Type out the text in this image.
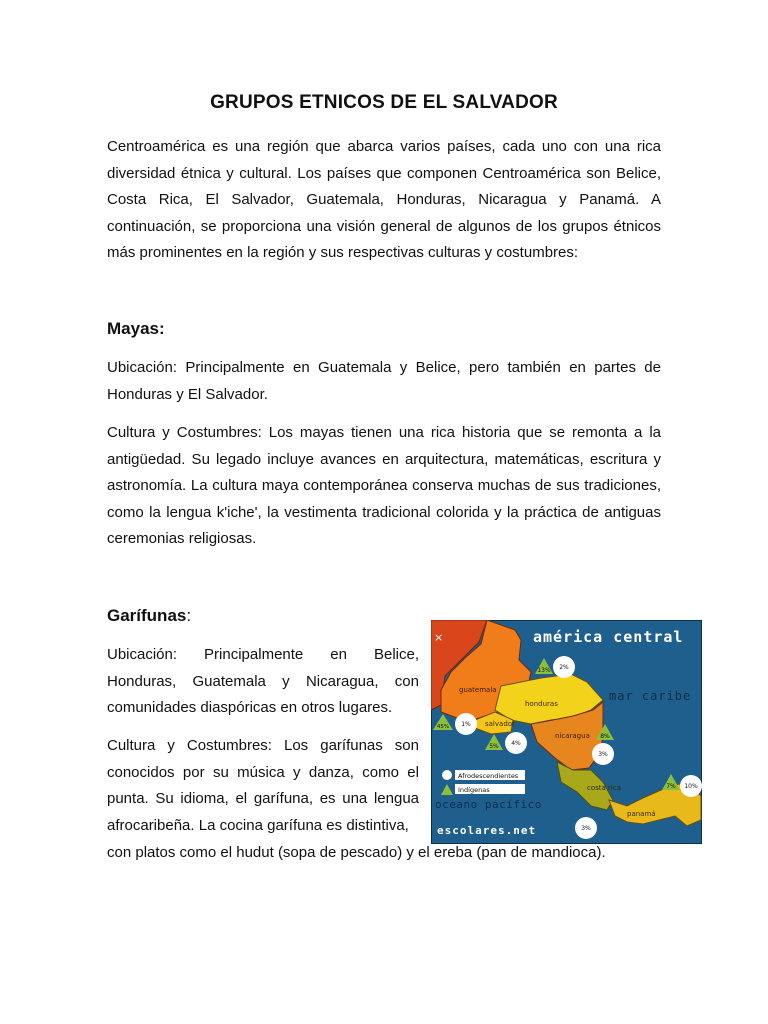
GRUPOS ETNICOS DE EL SALVADOR

Centroamérica es una región que abarca varios países, cada uno con una rica diversidad étnica y cultural. Los países que componen Centroamérica son Belice, Costa Rica, El Salvador, Guatemala, Honduras, Nicaragua y Panamá. A continuación, se proporciona una visión general de algunos de los grupos étnicos más prominentes en la región y sus respectivas culturas y costumbres:

Mayas:

Ubicación: Principalmente en Guatemala y Belice, pero también en partes de Honduras y El Salvador.

Cultura y Costumbres: Los mayas tienen una rica historia que se remonta a la antigüedad. Su legado incluye avances en arquitectura, matemáticas, escritura y astronomía. La cultura maya contemporánea conserva muchas de sus tradiciones, como la lengua k'iche', la vestimenta tradicional colorida y la práctica de antiguas ceremonias religiosas.

Garífunas:

Ubicación: Principalmente en Belice, Honduras, Guatemala y Nicaragua, con comunidades diaspóricas en otros lugares.

Cultura y Costumbres: Los garífunas son conocidos por su música y danza, como el punta. Su idioma, el garífuna, es una lengua afrocaribeña. La cocina garífuna es distintiva,

con platos como el hudut (sopa de pescado) y el ereba (pan de mandioca).

×	américa central
mar caribe
oceano pacífico
escolares.net
guatemala
honduras
salvador
nicaragua
costa rica
panamá
13% 2%
45% 1%
5% 4%
8%
3%
7% 10%
3%
Afrodescendientes
Indígenas
